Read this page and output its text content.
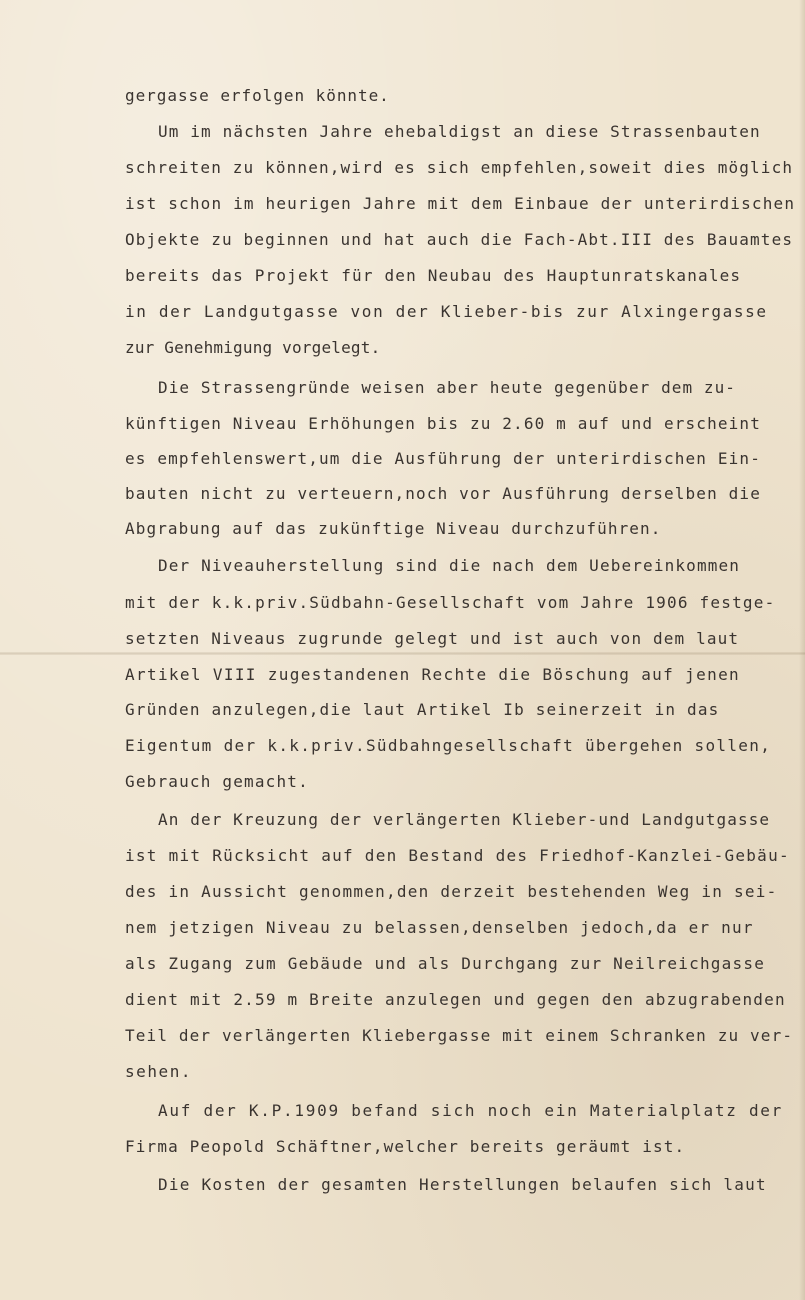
gergasse erfolgen könnte.
Um im nächsten Jahre ehebaldigst an diese Strassenbauten
schreiten zu können,wird es sich empfehlen,soweit dies möglich
ist schon im heurigen Jahre mit dem Einbaue der unterirdischen
Objekte zu beginnen und hat auch die Fach-Abt.III des Bauamtes
bereits das Projekt für den Neubau des Hauptunratskanales
in der Landgutgasse von der Klieber-bis zur Alxingergasse
zur Genehmigung vorgelegt.
Die Strassengründe weisen aber heute gegenüber dem zu-
künftigen Niveau Erhöhungen bis zu 2.60 m auf und erscheint
es empfehlenswert,um die Ausführung der unterirdischen Ein-
bauten nicht zu verteuern,noch vor Ausführung derselben die
Abgrabung auf das zukünftige Niveau durchzuführen.
Der Niveauherstellung sind die nach dem Uebereinkommen
mit der k.k.priv.Südbahn-Gesellschaft vom Jahre 1906 festge-
setzten Niveaus zugrunde gelegt und ist auch von dem laut
Artikel VIII zugestandenen Rechte die Böschung auf jenen
Gründen anzulegen,die laut Artikel Ib seinerzeit in das
Eigentum der k.k.priv.Südbahngesellschaft übergehen sollen,
Gebrauch gemacht.
An der Kreuzung der verlängerten Klieber-und Landgutgasse
ist mit Rücksicht auf den Bestand des Friedhof-Kanzlei-Gebäu-
des in Aussicht genommen,den derzeit bestehenden Weg in sei-
nem jetzigen Niveau zu belassen,denselben jedoch,da er nur
als Zugang zum Gebäude und als Durchgang zur Neilreichgasse
dient mit 2.59 m Breite anzulegen und gegen den abzugrabenden
Teil der verlängerten Kliebergasse mit einem Schranken zu ver-
sehen.
Auf der K.P.1909 befand sich noch ein Materialplatz der
Firma Peopold Schäftner,welcher bereits geräumt ist.
Die Kosten der gesamten Herstellungen belaufen sich laut
